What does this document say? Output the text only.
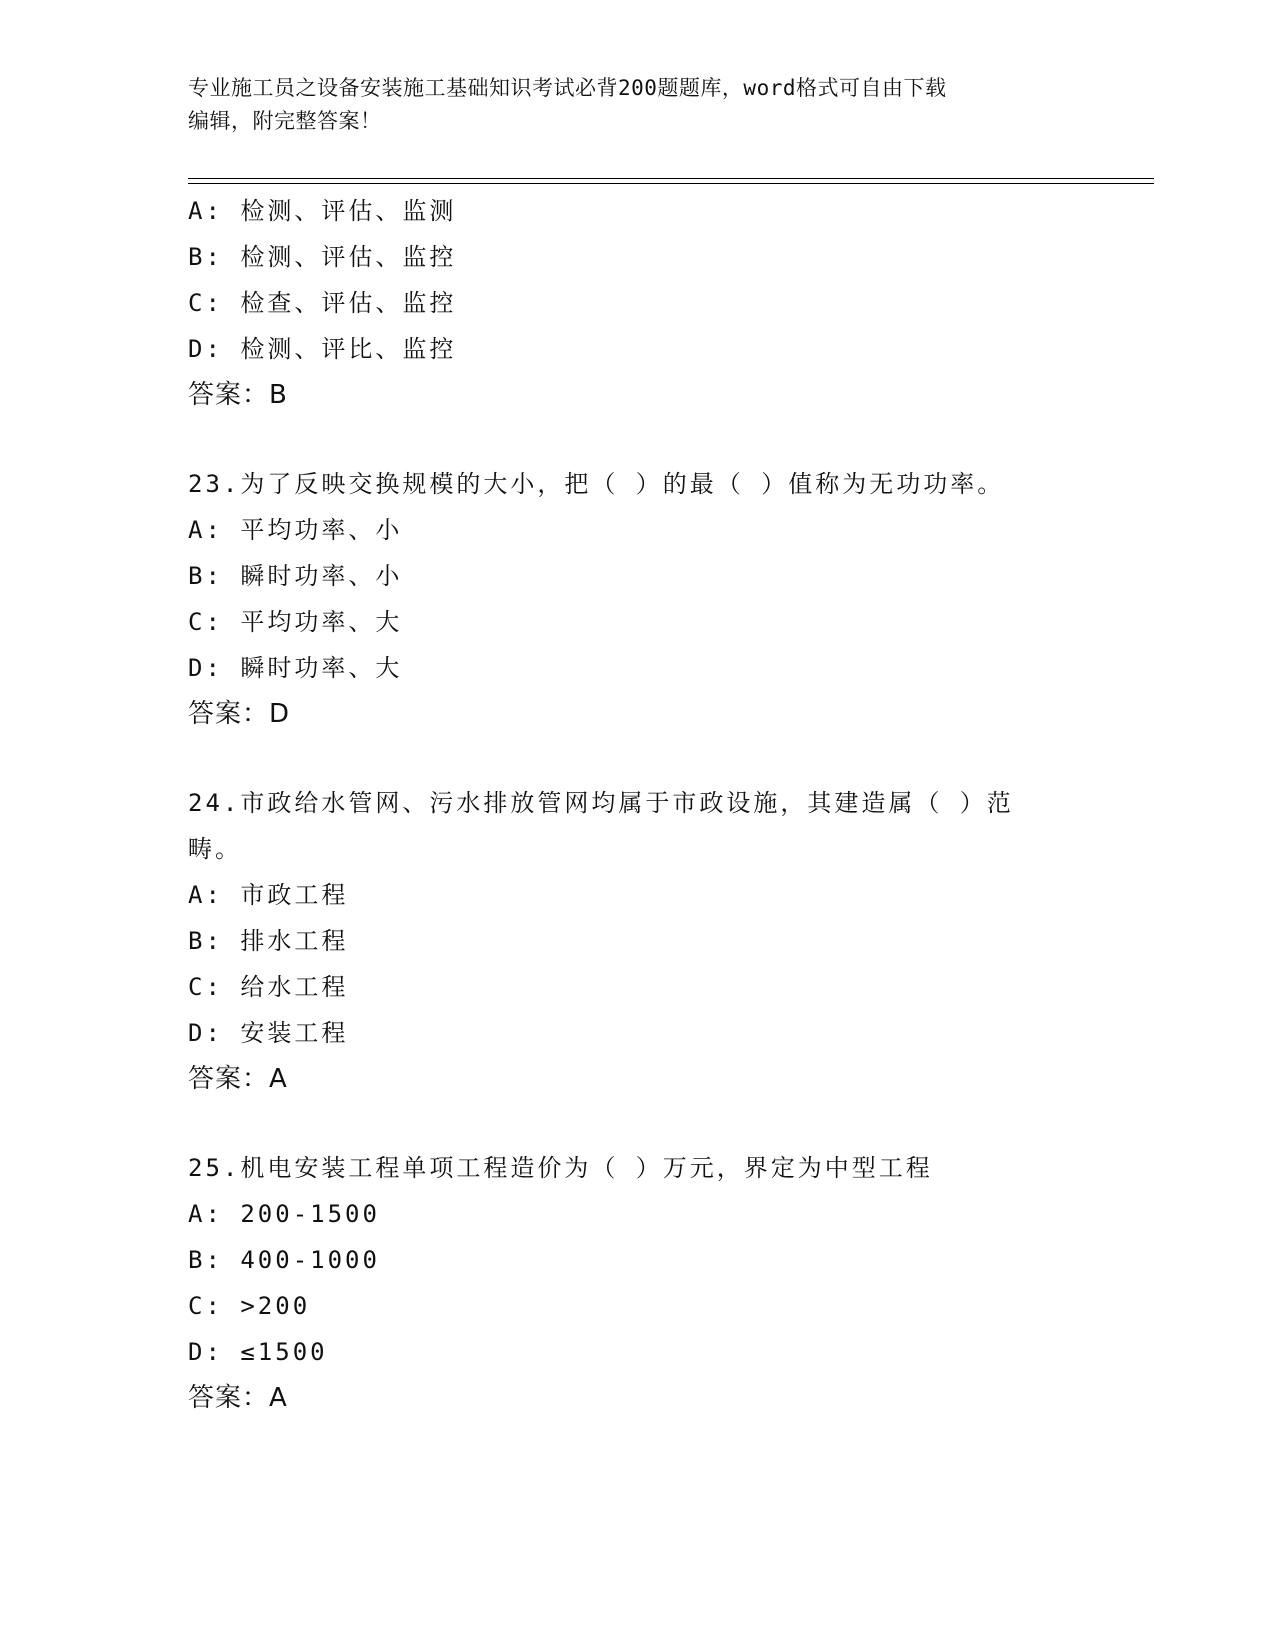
专业施工员之设备安装施工基础知识考试必背200题题库，word格式可自由下载
编辑，附完整答案！
A: 检测、评估、监测
B: 检测、评估、监控
C: 检查、评估、监控
D: 检测、评比、监控
答案：B
23.为了反映交换规模的大小，把（ ）的最（ ）值称为无功功率。
A: 平均功率、小
B: 瞬时功率、小
C: 平均功率、大
D: 瞬时功率、大
答案：D
24.市政给水管网、污水排放管网均属于市政设施，其建造属（ ）范
畴。
A: 市政工程
B: 排水工程
C: 给水工程
D: 安装工程
答案：A
25.机电安装工程单项工程造价为（ ）万元，界定为中型工程
A: 200-1500
B: 400-1000
C: >200
D: ≤1500
答案：A
